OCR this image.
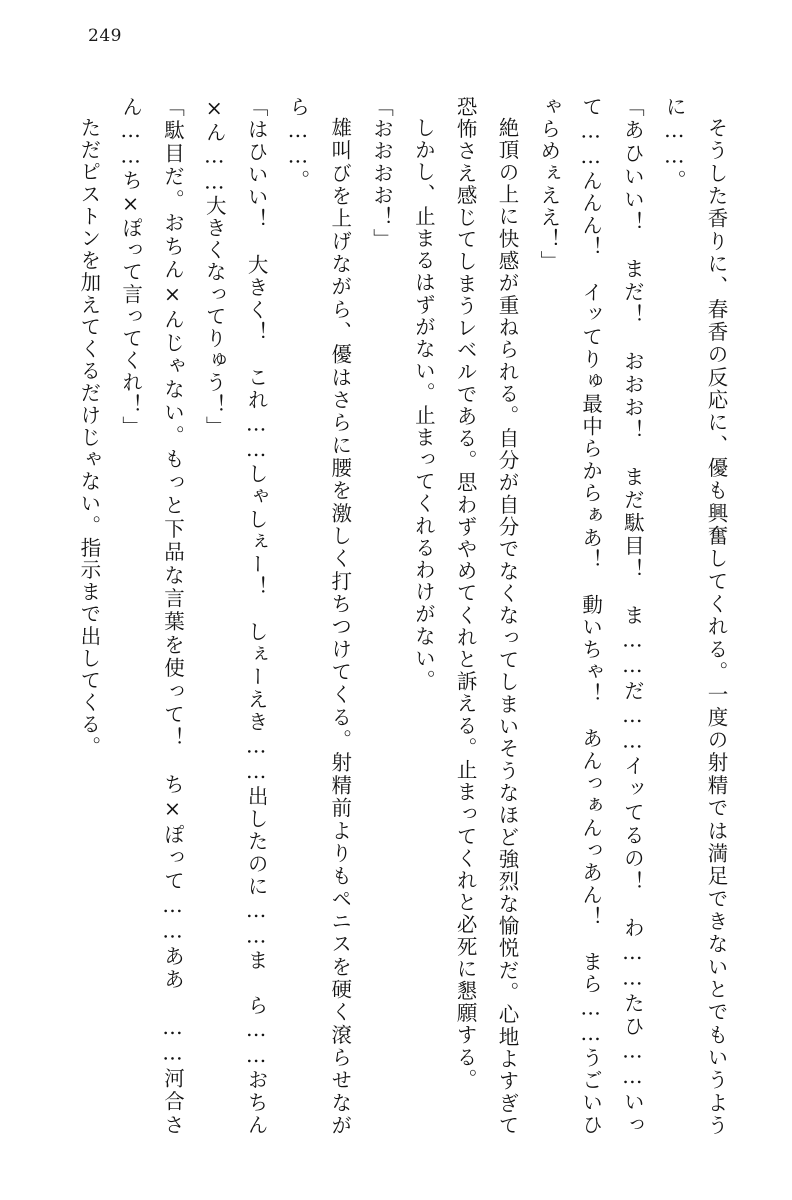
249

そうした香りに、春香の反応に、優も興奮してくれる。一度の射精では満足できないとでもいうように……。

「あひいい！　まだ！　おおお！　まだ駄目！　ま……だ……イッてるの！　わ……たひ……いって……んんん！　イッてりゅ最中らからぁあ！　動いちゃ！　あんっぁんっあん！　まら……うごいひゃらめぇええ！」

絶頂の上に快感が重ねられる。自分が自分でなくなってしまいそうなほど強烈な愉悦だ。心地よすぎて恐怖さえ感じてしまうレベルである。思わずやめてくれと訴える。止まってくれと必死に懇願する。

しかし、止まるはずがない。止まってくれるわけがない。

「おおおお！」

雄叫びを上げながら、優はさらに腰を激しく打ちつけてくる。射精前よりもペニスを硬く滾らせながら……。

「はひいい！　大きく！　これ……しゃしぇー！　しぇーえき……出したのに……ま　ら……おちん×ん……大きくなってりゅう！」

「駄目だ。おちん×んじゃない。もっと下品な言葉を使って！　ち×ぽって……ああ　……河合さん……ち×ぽって言ってくれ！」

ただピストンを加えてくるだけじゃない。指示まで出してくる。
